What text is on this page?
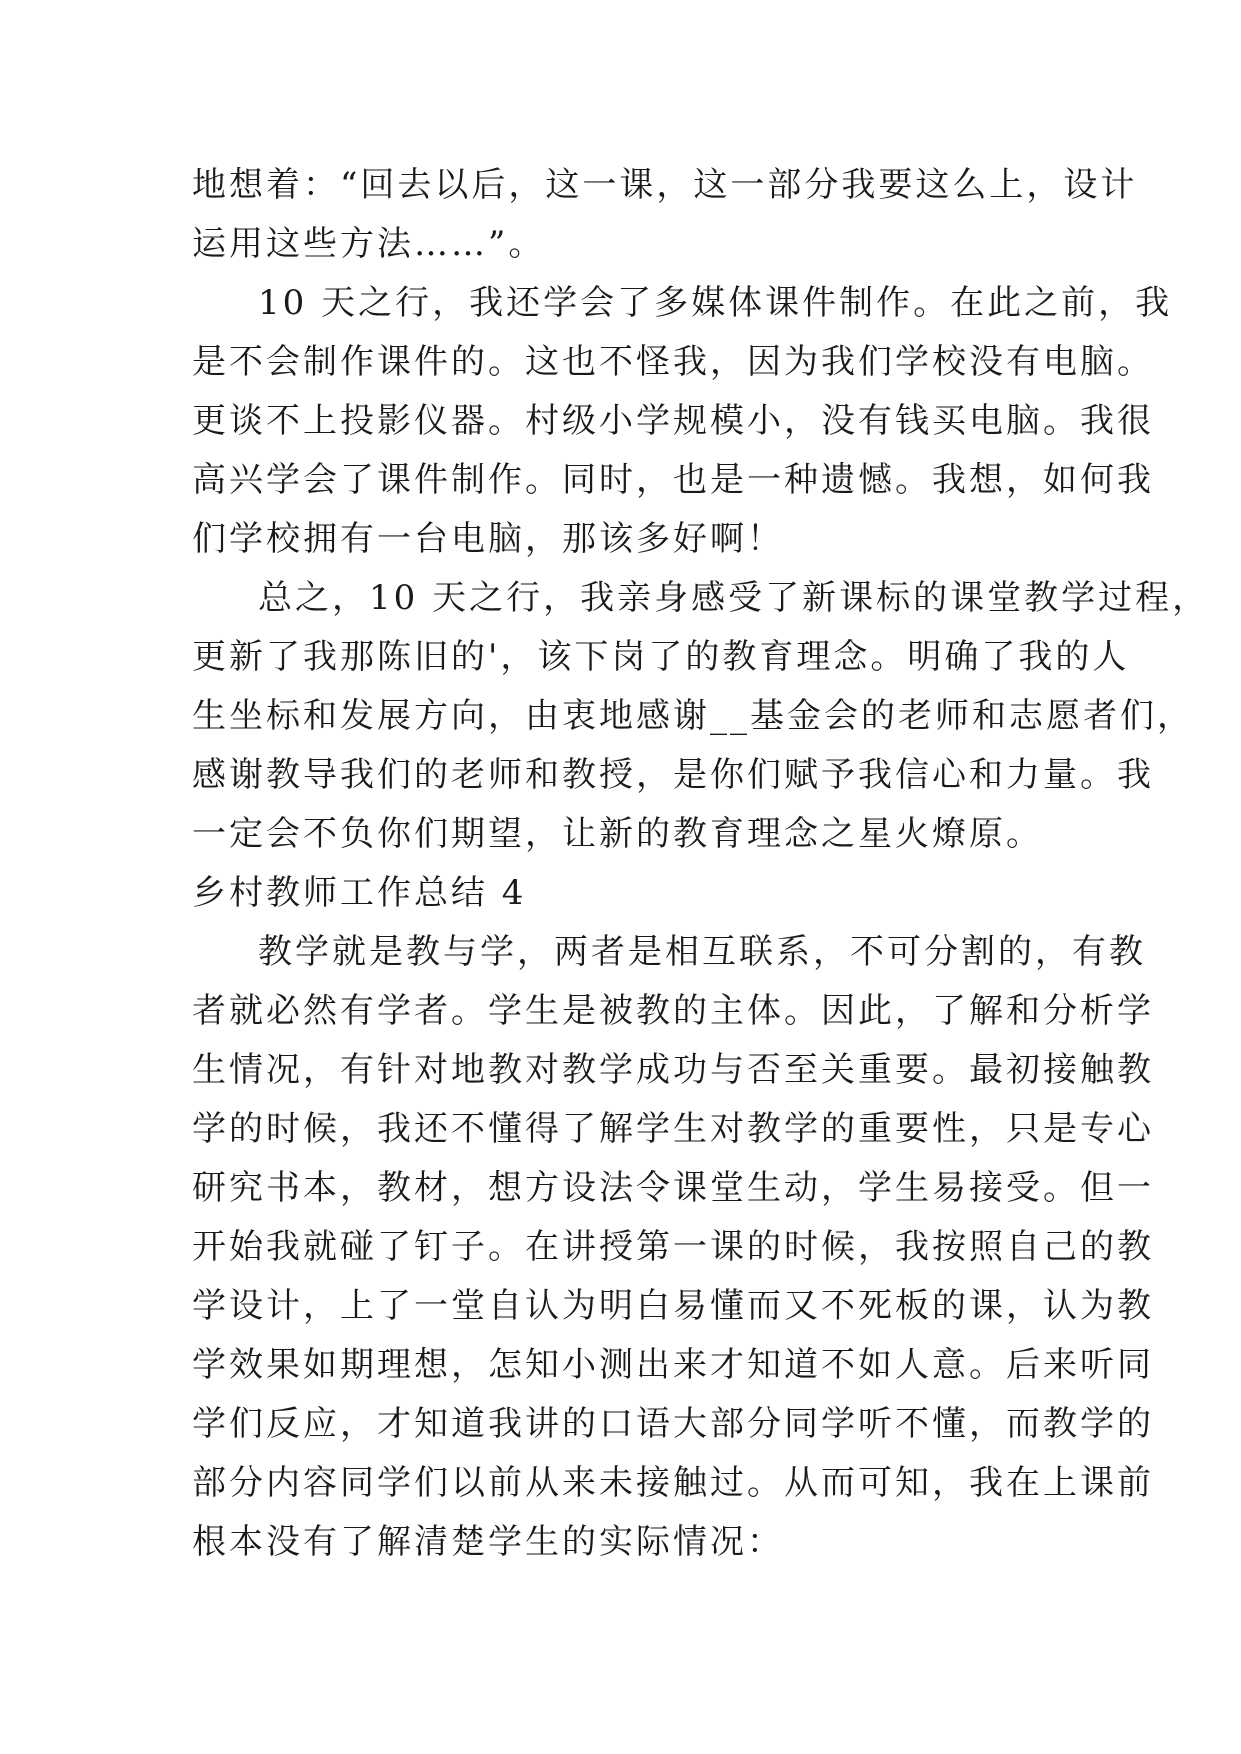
地想着：“回去以后，这一课，这一部分我要这么上，设计
运用这些方法……”。
10 天之行，我还学会了多媒体课件制作。在此之前，我
是不会制作课件的。这也不怪我，因为我们学校没有电脑。
更谈不上投影仪器。村级小学规模小，没有钱买电脑。我很
高兴学会了课件制作。同时，也是一种遗憾。我想，如何我
们学校拥有一台电脑，那该多好啊！
总之，10 天之行，我亲身感受了新课标的课堂教学过程，
更新了我那陈旧的'，该下岗了的教育理念。明确了我的人
生坐标和发展方向，由衷地感谢__基金会的老师和志愿者们，
感谢教导我们的老师和教授，是你们赋予我信心和力量。我
一定会不负你们期望，让新的教育理念之星火燎原。
乡村教师工作总结 4
教学就是教与学，两者是相互联系，不可分割的，有教
者就必然有学者。学生是被教的主体。因此，了解和分析学
生情况，有针对地教对教学成功与否至关重要。最初接触教
学的时候，我还不懂得了解学生对教学的重要性，只是专心
研究书本，教材，想方设法令课堂生动，学生易接受。但一
开始我就碰了钉子。在讲授第一课的时候，我按照自己的教
学设计，上了一堂自认为明白易懂而又不死板的课，认为教
学效果如期理想，怎知小测出来才知道不如人意。后来听同
学们反应，才知道我讲的口语大部分同学听不懂，而教学的
部分内容同学们以前从来未接触过。从而可知，我在上课前
根本没有了解清楚学生的实际情况：
